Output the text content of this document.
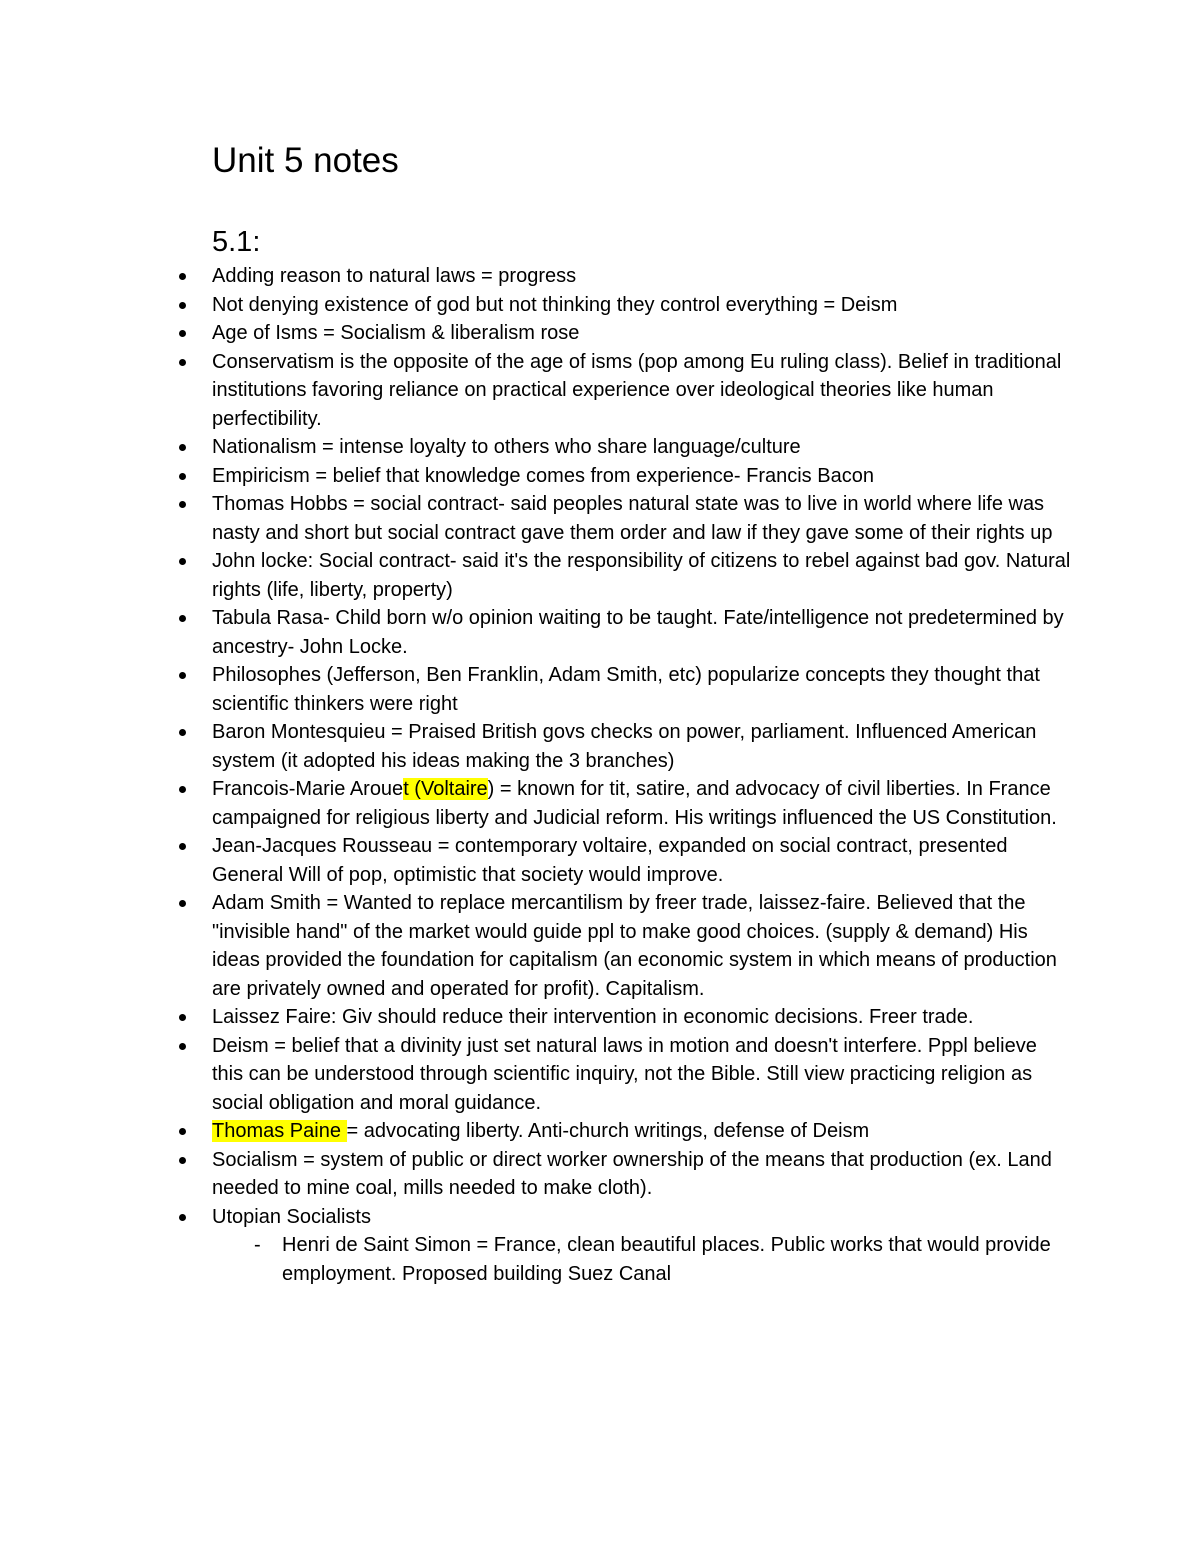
Unit 5 notes
5.1:
Adding reason to natural laws = progress
Not denying existence of god but not thinking they control everything = Deism
Age of Isms = Socialism & liberalism rose
Conservatism is the opposite of the age of isms (pop among Eu ruling class). Belief in traditional institutions favoring reliance on practical experience over ideological theories like human perfectibility.
Nationalism = intense loyalty to others who share language/culture
Empiricism = belief that knowledge comes from experience- Francis Bacon
Thomas Hobbs = social contract- said peoples natural state was to live in world where life was nasty and short but social contract gave them order and law if they gave some of their rights up
John locke: Social contract- said it's the responsibility of citizens to rebel against bad gov. Natural rights (life, liberty, property)
Tabula Rasa- Child born w/o opinion waiting to be taught. Fate/intelligence not predetermined by ancestry- John Locke.
Philosophes (Jefferson, Ben Franklin, Adam Smith, etc) popularize concepts they thought that scientific thinkers were right
Baron Montesquieu = Praised British govs checks on power, parliament. Influenced American system (it adopted his ideas making the 3 branches)
Francois-Marie Arouеt (Voltaire) = known for tit, satire, and advocacy of civil liberties. In France campaigned for religious liberty and Judicial reform. His writings influenced the US Constitution.
Jean-Jacques Rousseau = contemporary voltaire, expanded on social contract, presented General Will of pop, optimistic that society would improve.
Adam Smith = Wanted to replace mercantilism by freer trade, laissez-faire. Believed that the "invisible hand" of the market would guide ppl to make good choices. (supply & demand) His ideas provided the foundation for capitalism (an economic system in which means of production are privately owned and operated for profit). Capitalism.
Laissez Faire: Giv should reduce their intervention in economic decisions. Freer trade.
Deism = belief that a divinity just set natural laws in motion and doesn't interfere. Pppl believe this can be understood through scientific inquiry, not the Bible. Still view practicing religion as social obligation and moral guidance.
Thomas Paine = advocating liberty. Anti-church writings, defense of Deism
Socialism = system of public or direct worker ownership of the means that production (ex. Land needed to mine coal, mills needed to make cloth).
Utopian Socialists
- Henri de Saint Simon = France, clean beautiful places. Public works that would provide employment. Proposed building Suez Canal
